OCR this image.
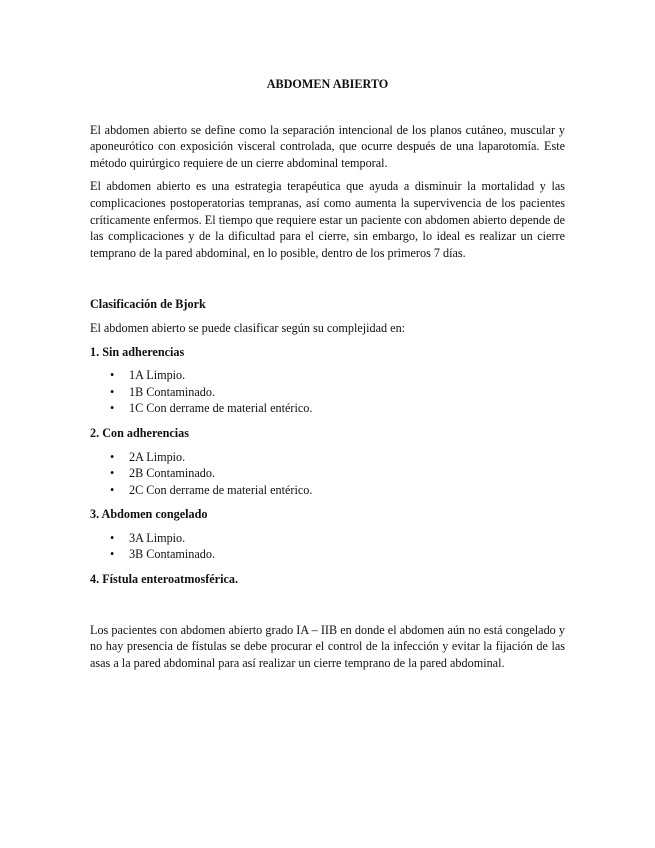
ABDOMEN ABIERTO

El abdomen abierto se define como la separación intencional de los planos cutáneo, muscular y aponeurótico con exposición visceral controlada, que ocurre después de una laparotomía. Este método quirúrgico requiere de un cierre abdominal temporal.

El abdomen abierto es una estrategia terapéutica que ayuda a disminuir la mortalidad y las complicaciones postoperatorias tempranas, así como aumenta la supervivencia de los pacientes críticamente enfermos. El tiempo que requiere estar un paciente con abdomen abierto depende de las complicaciones y de la dificultad para el cierre, sin embargo, lo ideal es realizar un cierre temprano de la pared abdominal, en lo posible, dentro de los primeros 7 días.

Clasificación de Bjork

El abdomen abierto se puede clasificar según su complejidad en:

1. Sin adherencias
• 1A Limpio.
• 1B Contaminado.
• 1C Con derrame de material entérico.
2. Con adherencias
• 2A Limpio.
• 2B Contaminado.
• 2C Con derrame de material entérico.
3. Abdomen congelado
• 3A Limpio.
• 3B Contaminado.
4. Fístula enteroatmosférica.

Los pacientes con abdomen abierto grado IA – IIB en donde el abdomen aún no está congelado y no hay presencia de fístulas se debe procurar el control de la infección y evitar la fijación de las asas a la pared abdominal para así realizar un cierre temprano de la pared abdominal.
